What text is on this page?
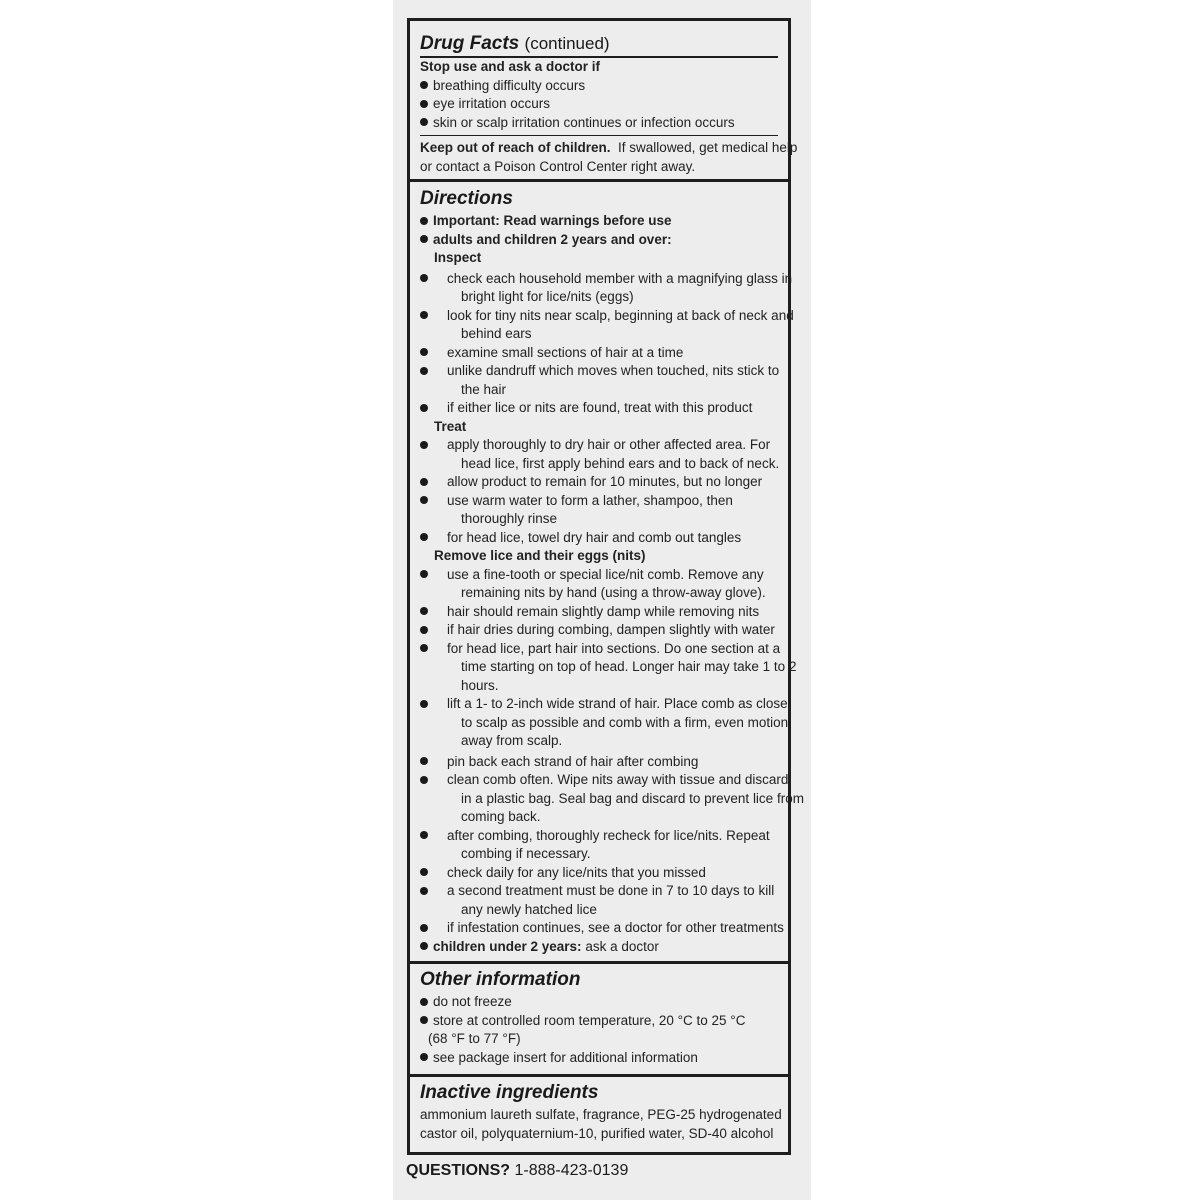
Drug Facts (continued)
Stop use and ask a doctor if
breathing difficulty occurs
eye irritation occurs
skin or scalp irritation continues or infection occurs
Keep out of reach of children. If swallowed, get medical help
or contact a Poison Control Center right away.
Directions
Important: Read warnings before use
adults and children 2 years and over:
Inspect
check each household member with a magnifying glass in
bright light for lice/nits (eggs)
look for tiny nits near scalp, beginning at back of neck and
behind ears
examine small sections of hair at a time
unlike dandruff which moves when touched, nits stick to
the hair
if either lice or nits are found, treat with this product
Treat
apply thoroughly to dry hair or other affected area. For
head lice, first apply behind ears and to back of neck.
allow product to remain for 10 minutes, but no longer
use warm water to form a lather, shampoo, then
thoroughly rinse
for head lice, towel dry hair and comb out tangles
Remove lice and their eggs (nits)
use a fine-tooth or special lice/nit comb. Remove any
remaining nits by hand (using a throw-away glove).
hair should remain slightly damp while removing nits
if hair dries during combing, dampen slightly with water
for head lice, part hair into sections. Do one section at a
time starting on top of head. Longer hair may take 1 to 2
hours.
lift a 1- to 2-inch wide strand of hair. Place comb as close
to scalp as possible and comb with a firm, even motion
away from scalp.
pin back each strand of hair after combing
clean comb often. Wipe nits away with tissue and discard
in a plastic bag. Seal bag and discard to prevent lice from
coming back.
after combing, thoroughly recheck for lice/nits. Repeat
combing if necessary.
check daily for any lice/nits that you missed
a second treatment must be done in 7 to 10 days to kill
any newly hatched lice
if infestation continues, see a doctor for other treatments
children under 2 years: ask a doctor
Other information
do not freeze
store at controlled room temperature, 20 °C to 25 °C
(68 °F to 77 °F)
see package insert for additional information
Inactive ingredients
ammonium laureth sulfate, fragrance, PEG-25 hydrogenated
castor oil, polyquaternium-10, purified water, SD-40 alcohol
QUESTIONS? 1-888-423-0139
